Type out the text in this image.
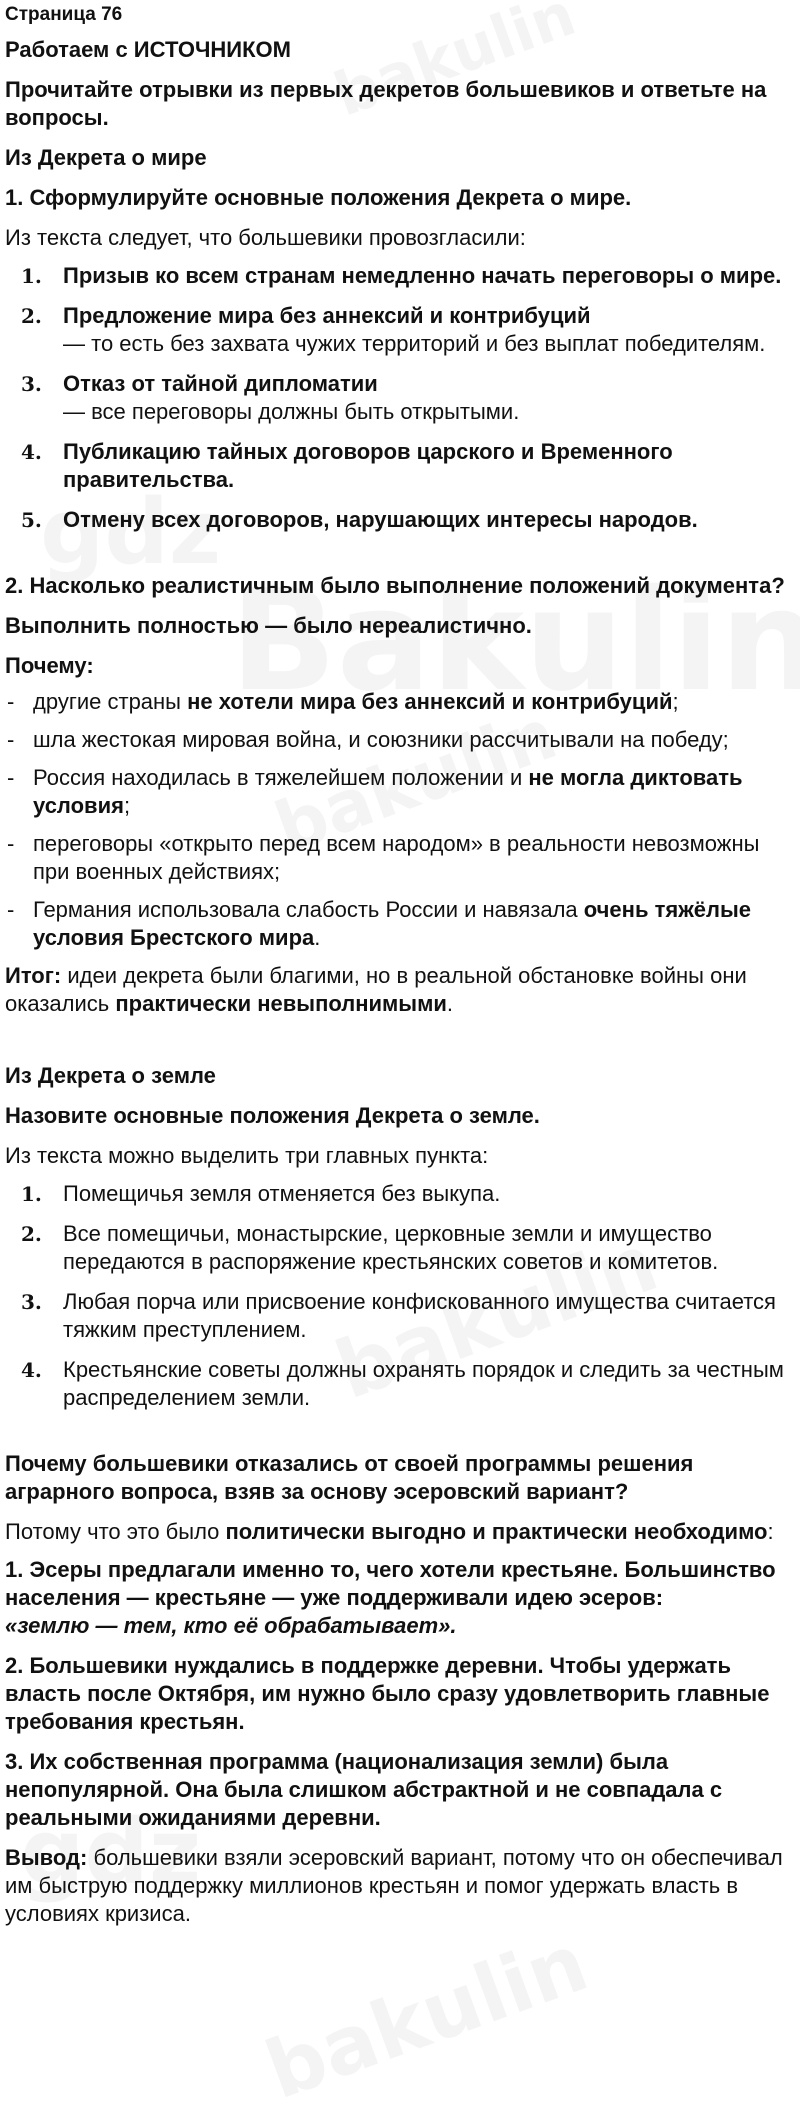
Страница 76

Работаем с ИСТОЧНИКОМ

Прочитайте отрывки из первых декретов большевиков и ответьте на вопросы.

Из Декрета о мире

1. Сформулируйте основные положения Декрета о мире.

Из текста следует, что большевики провозгласили:

1. Призыв ко всем странам немедленно начать переговоры о мире.
2. Предложение мира без аннексий и контрибуций
— то есть без захвата чужих территорий и без выплат победителям.
3. Отказ от тайной дипломатии
— все переговоры должны быть открытыми.
4. Публикацию тайных договоров царского и Временного правительства.
5. Отмену всех договоров, нарушающих интересы народов.

2. Насколько реалистичным было выполнение положений документа?

Выполнить полностью — было нереалистично.

Почему:

- другие страны не хотели мира без аннексий и контрибуций;
- шла жестокая мировая война, и союзники рассчитывали на победу;
- Россия находилась в тяжелейшем положении и не могла диктовать условия;
- переговоры «открыто перед всем народом» в реальности невозможны при военных действиях;
- Германия использовала слабость России и навязала очень тяжёлые условия Брестского мира.

Итог: идеи декрета были благими, но в реальной обстановке войны они оказались практически невыполнимыми.

Из Декрета о земле

Назовите основные положения Декрета о земле.

Из текста можно выделить три главных пункта:

1. Помещичья земля отменяется без выкупа.
2. Все помещичьи, монастырские, церковные земли и имущество передаются в распоряжение крестьянских советов и комитетов.
3. Любая порча или присвоение конфискованного имущества считается тяжким преступлением.
4. Крестьянские советы должны охранять порядок и следить за честным распределением земли.

Почему большевики отказались от своей программы решения аграрного вопроса, взяв за основу эсеровский вариант?

Потому что это было политически выгодно и практически необходимо:

1. Эсеры предлагали именно то, чего хотели крестьяне. Большинство населения — крестьяне — уже поддерживали идею эсеров:
«землю — тем, кто её обрабатывает».

2. Большевики нуждались в поддержке деревни. Чтобы удержать власть после Октября, им нужно было сразу удовлетворить главные требования крестьян.

3. Их собственная программа (национализация земли) была непопулярной. Она была слишком абстрактной и не совпадала с реальными ожиданиями деревни.

Вывод: большевики взяли эсеровский вариант, потому что он обеспечивал им быструю поддержку миллионов крестьян и помог удержать власть в условиях кризиса.
